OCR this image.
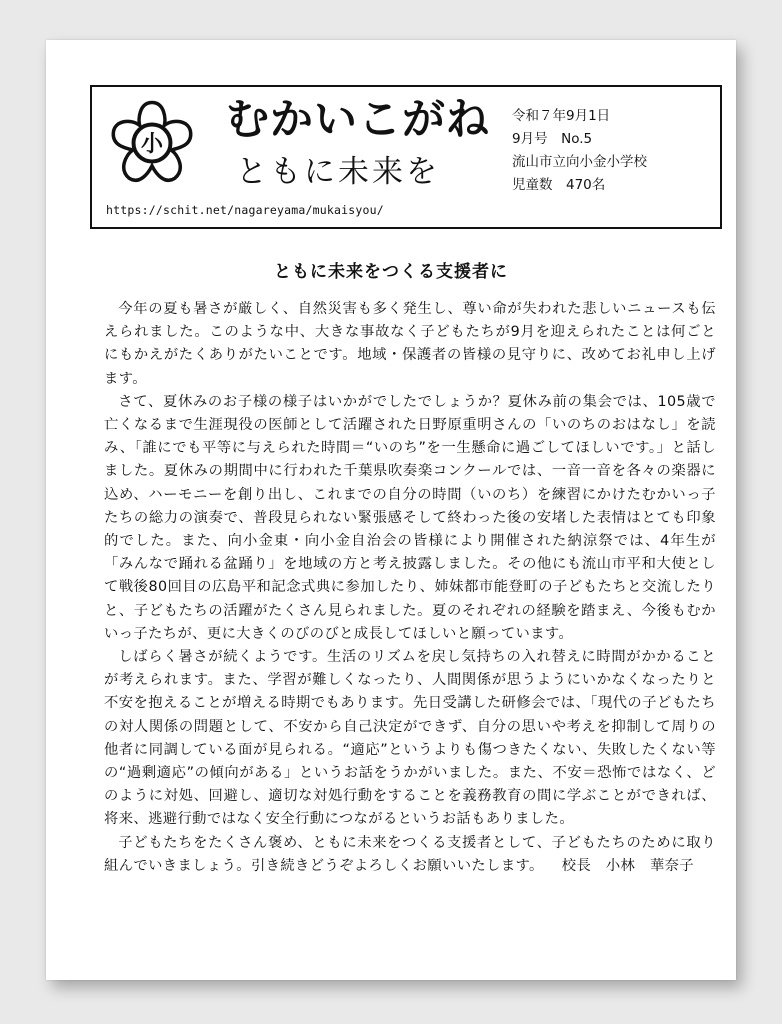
小 むかいこがね
ともに未来を
https://schit.net/nagareyama/mukaisyou/
令和７年9月1日
9月号　No.5
流山市立向小金小学校
児童数　470名
ともに未来をつくる支援者に

今年の夏も暑さが厳しく、自然災害も多く発生し、尊い命が失われた悲しいニュースも伝えられました。このような中、大きな事故なく子どもたちが9月を迎えられたことは何ごとにもかえがたくありがたいことです。地域・保護者の皆様の見守りに、改めてお礼申し上げます。

さて、夏休みのお子様の様子はいかがでしたでしょうか？夏休み前の集会では、105歳で亡くなるまで生涯現役の医師として活躍された日野原重明さんの「いのちのおはなし」を読み、「誰にでも平等に与えられた時間＝“いのち”を一生懸命に過ごしてほしいです。」と話しました。夏休みの期間中に行われた千葉県吹奏楽コンクールでは、一音一音を各々の楽器に込め、ハーモニーを創り出し、これまでの自分の時間（いのち）を練習にかけたむかいっ子たちの総力の演奏で、普段見られない緊張感そして終わった後の安堵した表情はとても印象的でした。また、向小金東・向小金自治会の皆様により開催された納涼祭では、4年生が「みんなで踊れる盆踊り」を地域の方と考え披露しました。その他にも流山市平和大使として戦後80回目の広島平和記念式典に参加したり、姉妹都市能登町の子どもたちと交流したりと、子どもたちの活躍がたくさん見られました。夏のそれぞれの経験を踏まえ、今後もむかいっ子たちが、更に大きくのびのびと成長してほしいと願っています。

しばらく暑さが続くようです。生活のリズムを戻し気持ちの入れ替えに時間がかかることが考えられます。また、学習が難しくなったり、人間関係が思うようにいかなくなったりと不安を抱えることが増える時期でもあります。先日受講した研修会では、「現代の子どもたちの対人関係の問題として、不安から自己決定ができず、自分の思いや考えを抑制して周りの他者に同調している面が見られる。“適応”というよりも傷つきたくない、失敗したくない等の“過剰適応”の傾向がある」というお話をうかがいました。また、不安＝恐怖ではなく、どのように対処、回避し、適切な対処行動をすることを義務教育の間に学ぶことができれば、将来、逃避行動ではなく安全行動につながるというお話もありました。

子どもたちをたくさん褒め、ともに未来をつくる支援者として、子どもたちのために取り組んでいきましょう。引き続きどうぞよろしくお願いいたします。 校長　小林　華奈子
